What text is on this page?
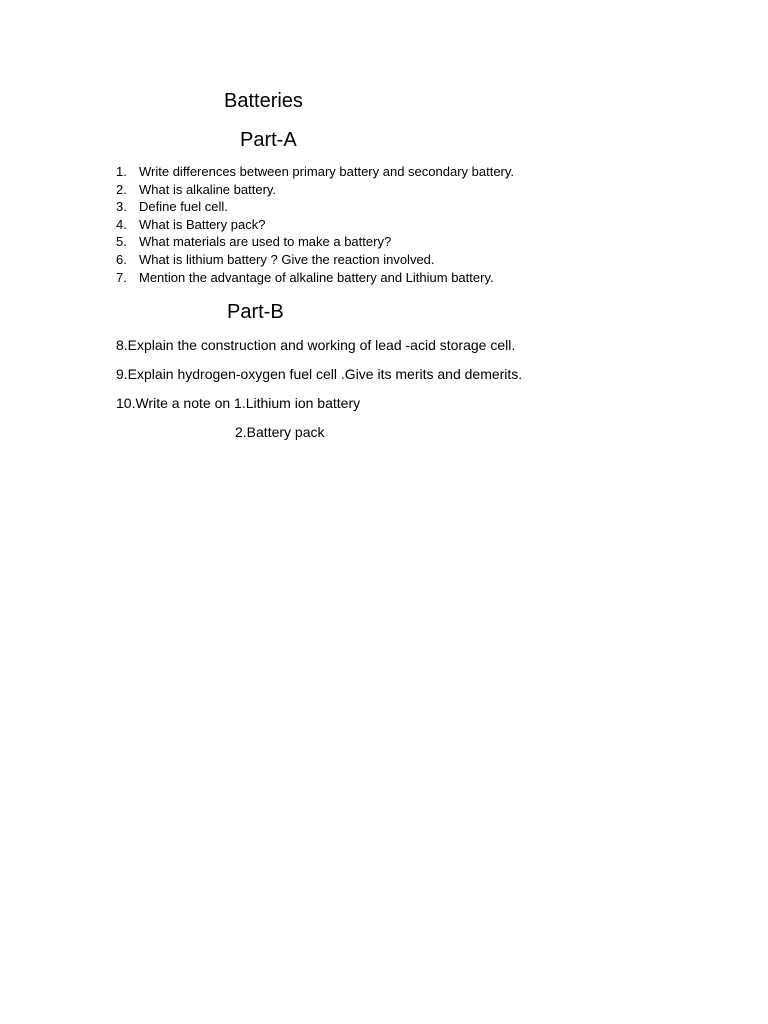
Batteries
Part-A
1. Write differences between primary battery and secondary battery.
2. What is alkaline battery.
3. Define fuel cell.
4. What is Battery pack?
5. What materials are used to make a battery?
6. What is lithium battery ? Give the reaction involved.
7. Mention the advantage of alkaline battery and Lithium battery.
Part-B
8.Explain the construction and working of lead -acid storage cell.
9.Explain hydrogen-oxygen fuel cell .Give its merits and demerits.
10.Write a note on 1.Lithium ion battery
2.Battery pack
